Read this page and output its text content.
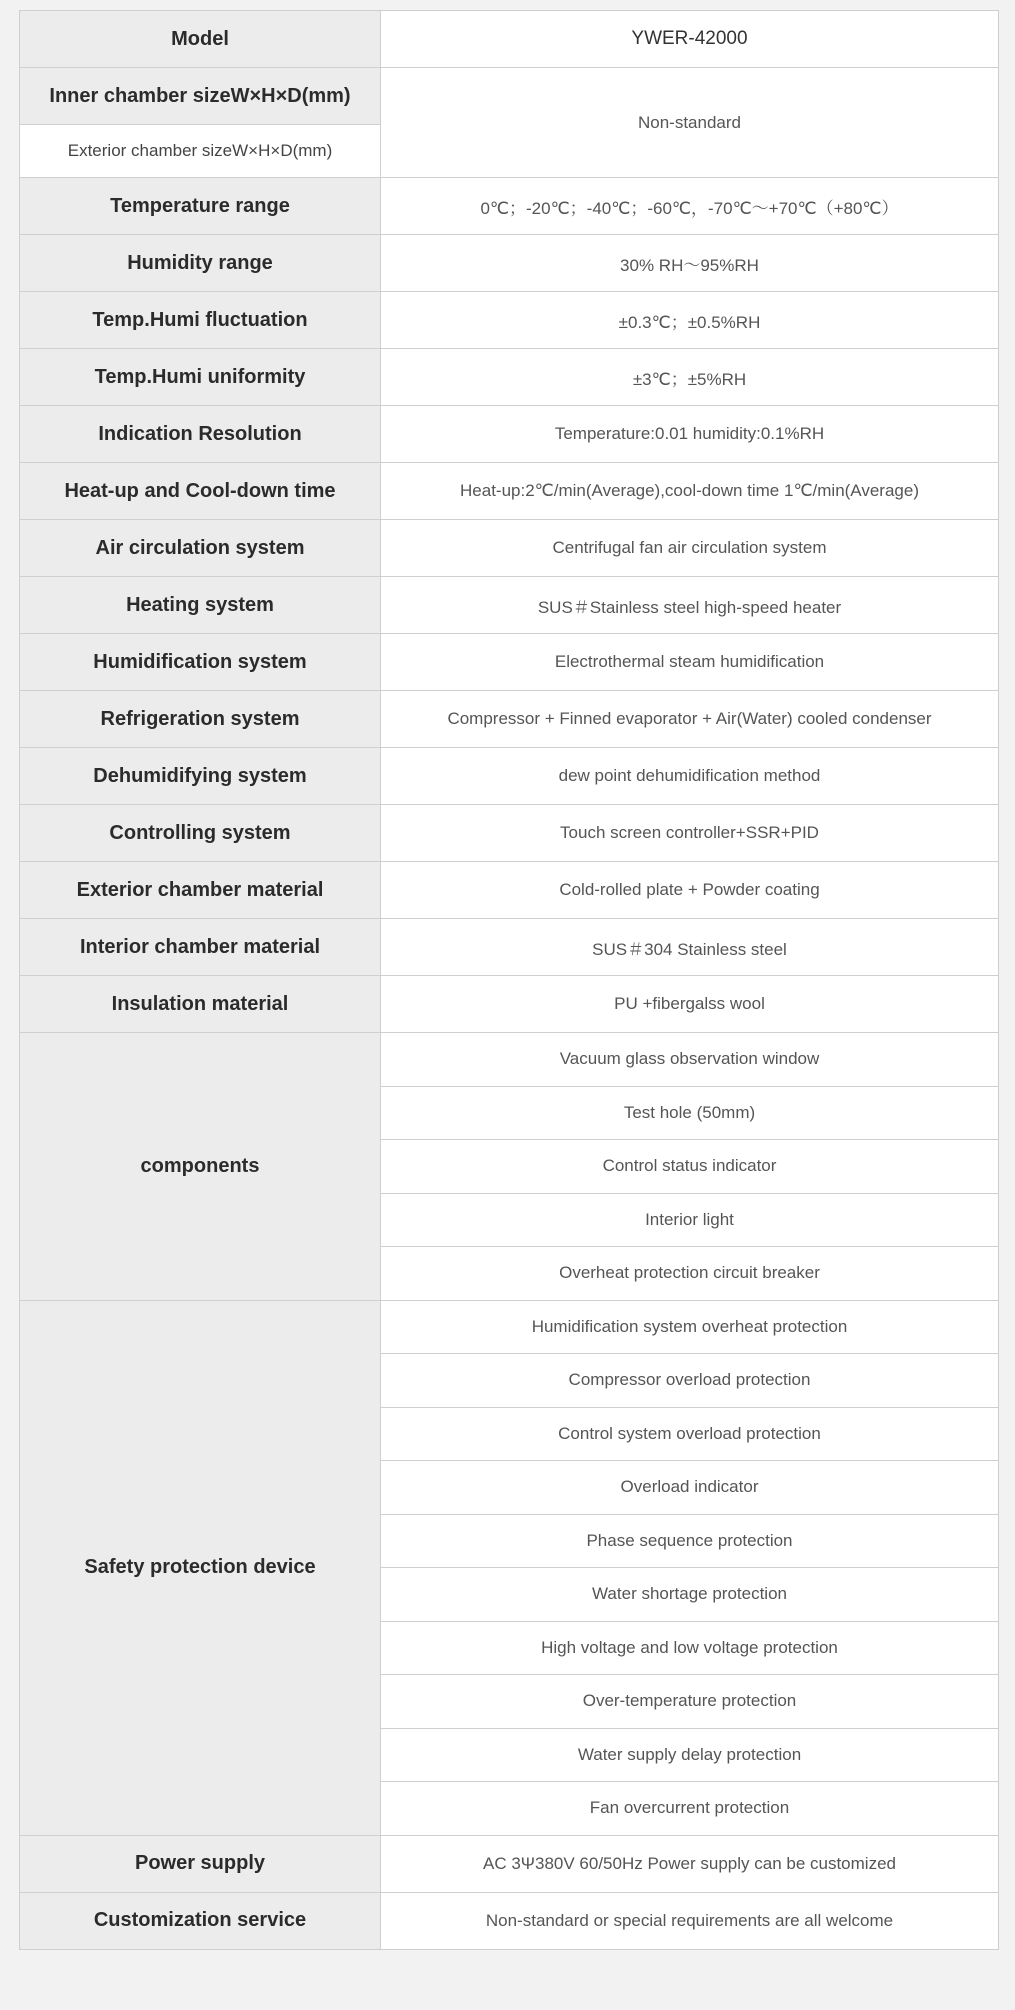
Model	YWER-42000
Inner chamber sizeW×H×D(mm)	Non-standard
Exterior chamber sizeW×H×D(mm)	
Temperature range	0℃；-20℃；-40℃；-60℃，-70℃～+70℃（+80℃）
Humidity range	30% RH～95%RH
Temp.Humi fluctuation	±0.3℃；±0.5%RH
Temp.Humi uniformity	±3℃；±5%RH
Indication Resolution	Temperature:0.01 humidity:0.1%RH
Heat-up and Cool-down time	Heat-up:2℃/min(Average),cool-down time 1℃/min(Average)
Air circulation system	Centrifugal fan air circulation system
Heating system	SUS＃Stainless steel high-speed heater
Humidification system	Electrothermal steam humidification
Refrigeration system	Compressor + Finned evaporator + Air(Water) cooled condenser
Dehumidifying system	dew point dehumidification method
Controlling system	Touch screen controller+SSR+PID
Exterior chamber material	Cold-rolled plate + Powder coating
Interior chamber material	SUS＃304 Stainless steel
Insulation material	PU +fibergalss wool
components	Vacuum glass observation window
	Test hole (50mm)
	Control status indicator
	Interior light
	Overheat protection circuit breaker
Safety protection device	Humidification system overheat protection
	Compressor overload protection
	Control system overload protection
	Overload indicator
	Phase sequence protection
	Water shortage protection
	High voltage and low voltage protection
	Over-temperature protection
	Water supply delay protection
	Fan overcurrent protection
Power supply	AC 3Ψ380V 60/50Hz Power supply can be customized
Customization service	Non-standard or special requirements are all welcome
